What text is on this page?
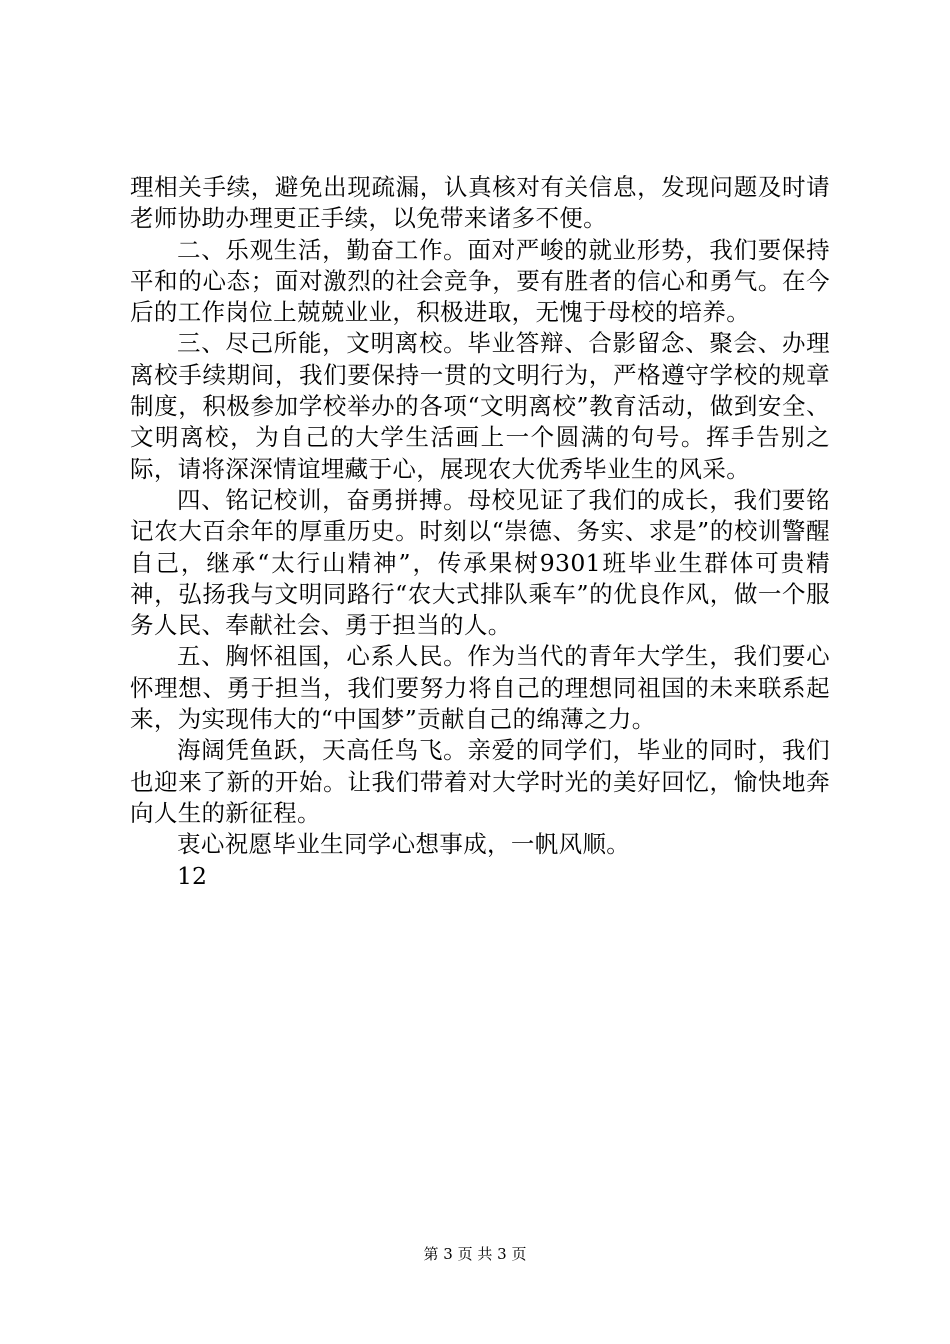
理相关手续，避免出现疏漏，认真核对有关信息，发现问题及时请老师协助办理更正手续，以免带来诸多不便。

二、乐观生活，勤奋工作。面对严峻的就业形势，我们要保持平和的心态；面对激烈的社会竞争，要有胜者的信心和勇气。在今后的工作岗位上兢兢业业，积极进取，无愧于母校的培养。

三、尽己所能，文明离校。毕业答辩、合影留念、聚会、办理离校手续期间，我们要保持一贯的文明行为，严格遵守学校的规章制度，积极参加学校举办的各项“文明离校”教育活动，做到安全、文明离校，为自己的大学生活画上一个圆满的句号。挥手告别之际，请将深深情谊埋藏于心，展现农大优秀毕业生的风采。

四、铭记校训，奋勇拼搏。母校见证了我们的成长，我们要铭记农大百余年的厚重历史。时刻以“崇德、务实、求是”的校训警醒自己，继承“太行山精神”，传承果树9301班毕业生群体可贵精神，弘扬我与文明同路行“农大式排队乘车”的优良作风，做一个服务人民、奉献社会、勇于担当的人。

五、胸怀祖国，心系人民。作为当代的青年大学生，我们要心怀理想、勇于担当，我们要努力将自己的理想同祖国的未来联系起来，为实现伟大的“中国梦”贡献自己的绵薄之力。

海阔凭鱼跃，天高任鸟飞。亲爱的同学们，毕业的同时，我们也迎来了新的开始。让我们带着对大学时光的美好回忆，愉快地奔向人生的新征程。

衷心祝愿毕业生同学心想事成，一帆风顺。

12

第 3 页 共 3 页
